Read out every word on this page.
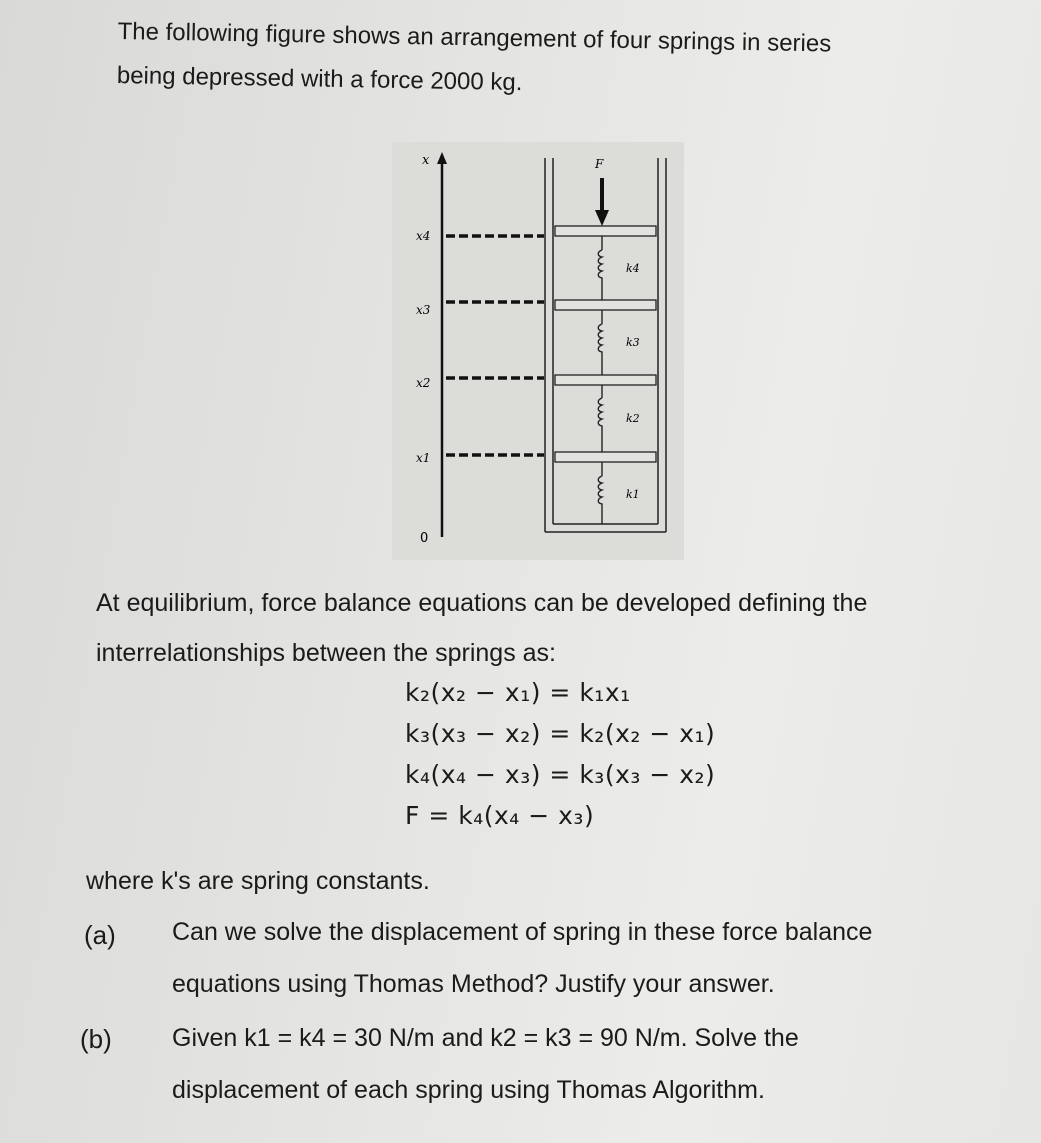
The following figure shows an arrangement of four springs in series

being depressed with a force 2000 kg.

x
x4
x3
x2
x1
0
F
k4
k3
k2
k1

At equilibrium, force balance equations can be developed defining the

interrelationships between the springs as:

k₂(x₂ − x₁) = k₁x₁
k₃(x₃ − x₂) = k₂(x₂ − x₁)
k₄(x₄ − x₃) = k₃(x₃ − x₂)
F = k₄(x₄ − x₃)

where k's are spring constants.

(a) Can we solve the displacement of spring in these force balance

equations using Thomas Method? Justify your answer.

(b) Given k1 = k4 = 30 N/m and k2 = k3 = 90 N/m. Solve the

displacement of each spring using Thomas Algorithm.
